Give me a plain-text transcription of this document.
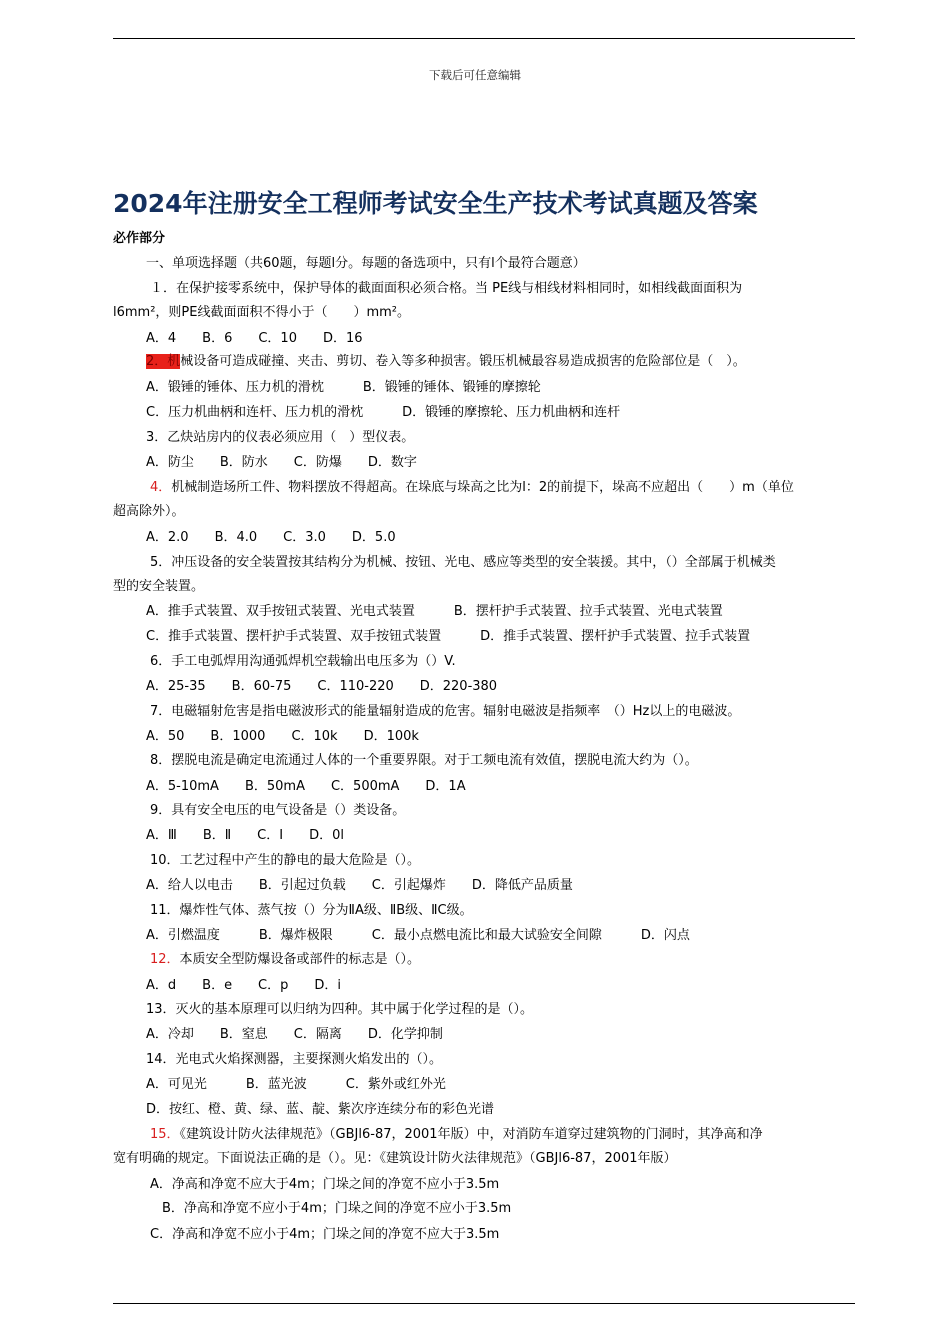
下载后可任意编辑
2024年注册安全工程师考试安全生产技术考试真题及答案
必作部分
一、单项选择题（共60题，每题l分。每题的备选项中，只有l个最符合题意）
１．在保护接零系统中，保护导体的截面面积必须合格。当 PE线与相线材料相同时，如相线截面面积为
l6mm²，则PE线截面面积不得小于（　　）mm²。
A．4　　B．6　　C．10　　D．16
2．机械设备可造成碰撞、夹击、剪切、卷入等多种损害。锻压机械最容易造成损害的危险部位是（　）。
A．锻锤的锤体、压力机的滑枕　　　B．锻锤的锤体、锻锤的摩擦轮
C．压力机曲柄和连杆、压力机的滑枕　　　D．锻锤的摩擦轮、压力机曲柄和连杆
3．乙炔站房内的仪表必须应用（　）型仪表。
A．防尘　　B．防水　　C．防爆　　D．数字
4．机械制造场所工件、物料摆放不得超高。在垛底与垛高之比为l：2的前提下，垛高不应超出（　　）m（单位
超高除外）。
A．2.0　　B．4.0　　C．3.0　　D．5.0
5．冲压设备的安全装置按其结构分为机械、按钮、光电、感应等类型的安全装援。其中，（）全部属于机械类
型的安全装置。
A．推手式装置、双手按钮式装置、光电式装置　　　B．摆杆护手式装置、拉手式装置、光电式装置
C．推手式装置、摆杆护手式装置、双手按钮式装置　　　D．推手式装置、摆杆护手式装置、拉手式装置
6．手工电弧焊用沟通弧焊机空载输出电压多为（）V.
A．25-35　　B．60-75　　C．110-220　　D．220-380
7．电磁辐射危害是指电磁波形式的能量辐射造成的危害。辐射电磁波是指频率　（）Hz以上的电磁波。
A．50　　B．1000　　C．10k　　D．100k
8．摆脱电流是确定电流通过人体的一个重要界限。对于工频电流有效值，摆脱电流大约为（）。
A．5-10mA　　B．50mA　　C．500mA　　D．1A
9．具有安全电压的电气设备是（）类设备。
A．Ⅲ　　B．Ⅱ　　C．I　　D．0l
10．工艺过程中产生的静电的最大危险是（）。
A．给人以电击　　B．引起过负载　　C．引起爆炸　　D．降低产品质量
11．爆炸性气体、蒸气按（）分为ⅡA级、ⅡB级、ⅡC级。
A．引燃温度　　　B．爆炸极限　　　C．最小点燃电流比和最大试验安全间隙　　　D．闪点
12．本质安全型防爆设备或部件的标志是（）。
A．d　　B．e　　C．p　　D．i
13．灭火的基本原理可以归纳为四种。其中属于化学过程的是（）。
A．冷却　　B．窒息　　C．隔离　　D．化学抑制
14．光电式火焰探测器，主要探测火焰发出的（）。
A．可见光　　　B．蓝光波　　　C．紫外或红外光
D．按红、橙、黄、绿、蓝、靛、紫次序连续分布的彩色光谱
15．《建筑设计防火法律规范》（GBJl6-87，2001年版）中，对消防车道穿过建筑物的门洞时，其净高和净
宽有明确的规定。下面说法正确的是（）。见：《建筑设计防火法律规范》（GBJl6-87，2001年版）
A．净高和净宽不应大于4m；门垛之间的净宽不应小于3.5m
B．净高和净宽不应小于4m；门垛之间的净宽不应小于3.5m
C．净高和净宽不应小于4m；门垛之间的净宽不应大于3.5m
